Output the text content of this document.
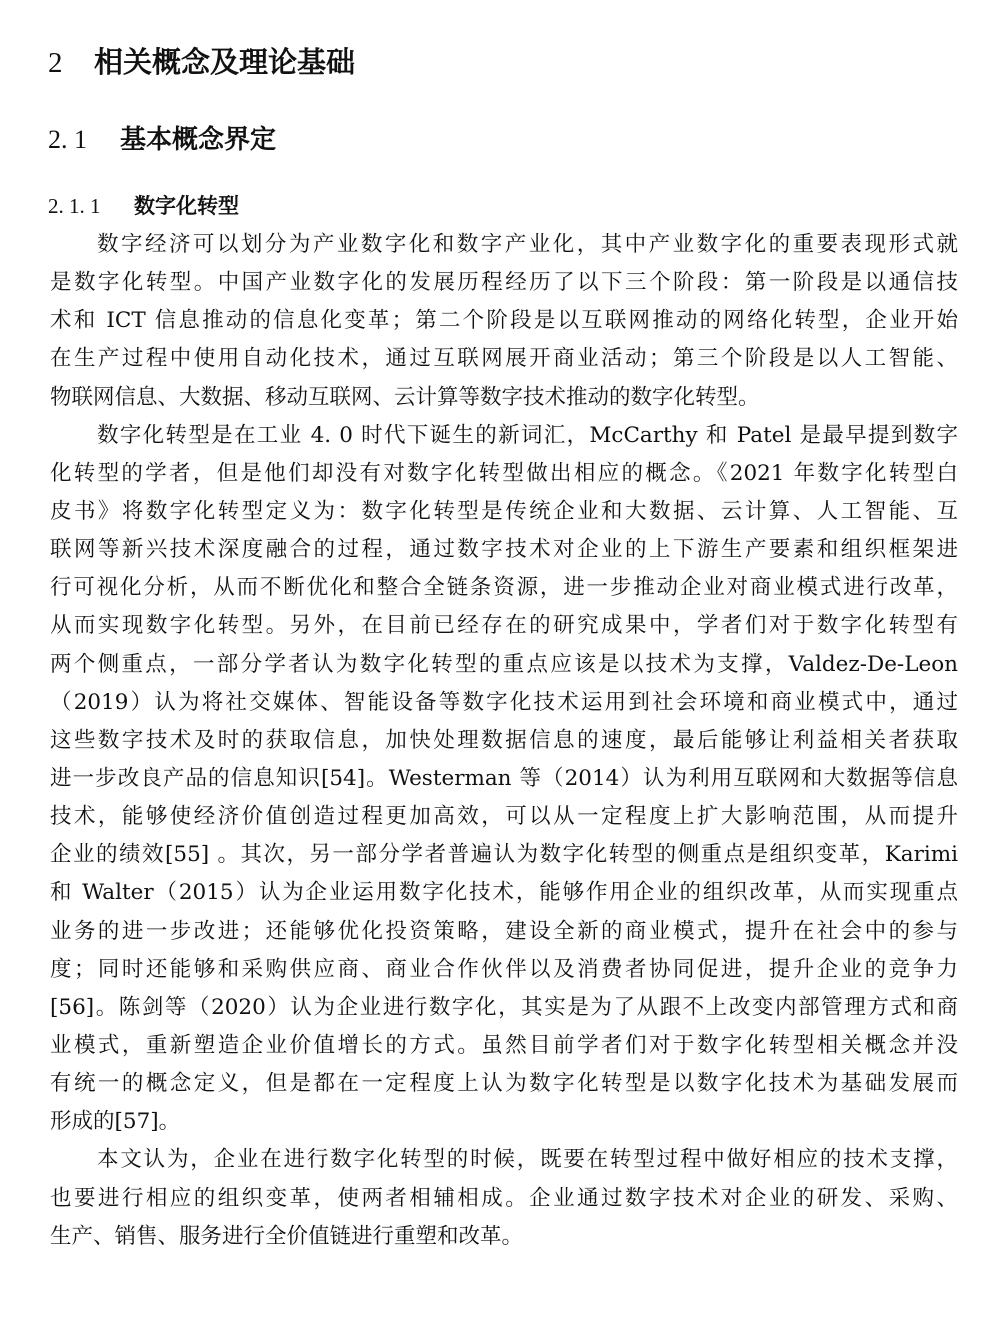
2 相关概念及理论基础
2. 1 基本概念界定
2. 1. 1 数字化转型
数字经济可以划分为产业数字化和数字产业化，其中产业数字化的重要表现形式就
是数字化转型。中国产业数字化的发展历程经历了以下三个阶段：第一阶段是以通信技
术和 ICT 信息推动的信息化变革；第二个阶段是以互联网推动的网络化转型，企业开始
在生产过程中使用自动化技术，通过互联网展开商业活动；第三个阶段是以人工智能、
物联网信息、大数据、移动互联网、云计算等数字技术推动的数字化转型。
数字化转型是在工业 4. 0 时代下诞生的新词汇，McCarthy 和 Patel 是最早提到数字
化转型的学者，但是他们却没有对数字化转型做出相应的概念。《2021 年数字化转型白
皮书》将数字化转型定义为：数字化转型是传统企业和大数据、云计算、人工智能、互
联网等新兴技术深度融合的过程，通过数字技术对企业的上下游生产要素和组织框架进
行可视化分析，从而不断优化和整合全链条资源，进一步推动企业对商业模式进行改革，
从而实现数字化转型。另外，在目前已经存在的研究成果中，学者们对于数字化转型有
两个侧重点，一部分学者认为数字化转型的重点应该是以技术为支撑，Valdez-De-Leon
（2019）认为将社交媒体、智能设备等数字化技术运用到社会环境和商业模式中，通过
这些数字技术及时的获取信息，加快处理数据信息的速度，最后能够让利益相关者获取
进一步改良产品的信息知识[54]。Westerman 等（2014）认为利用互联网和大数据等信息
技术，能够使经济价值创造过程更加高效，可以从一定程度上扩大影响范围，从而提升
企业的绩效[55] 。其次，另一部分学者普遍认为数字化转型的侧重点是组织变革，Karimi
和 Walter（2015）认为企业运用数字化技术，能够作用企业的组织改革，从而实现重点
业务的进一步改进；还能够优化投资策略，建设全新的商业模式，提升在社会中的参与
度；同时还能够和采购供应商、商业合作伙伴以及消费者协同促进，提升企业的竞争力
[56]。陈剑等（2020）认为企业进行数字化，其实是为了从跟不上改变内部管理方式和商
业模式，重新塑造企业价值增长的方式。虽然目前学者们对于数字化转型相关概念并没
有统一的概念定义，但是都在一定程度上认为数字化转型是以数字化技术为基础发展而
形成的[57]。
本文认为，企业在进行数字化转型的时候，既要在转型过程中做好相应的技术支撑，
也要进行相应的组织变革，使两者相辅相成。企业通过数字技术对企业的研发、采购、
生产、销售、服务进行全价值链进行重塑和改革。
